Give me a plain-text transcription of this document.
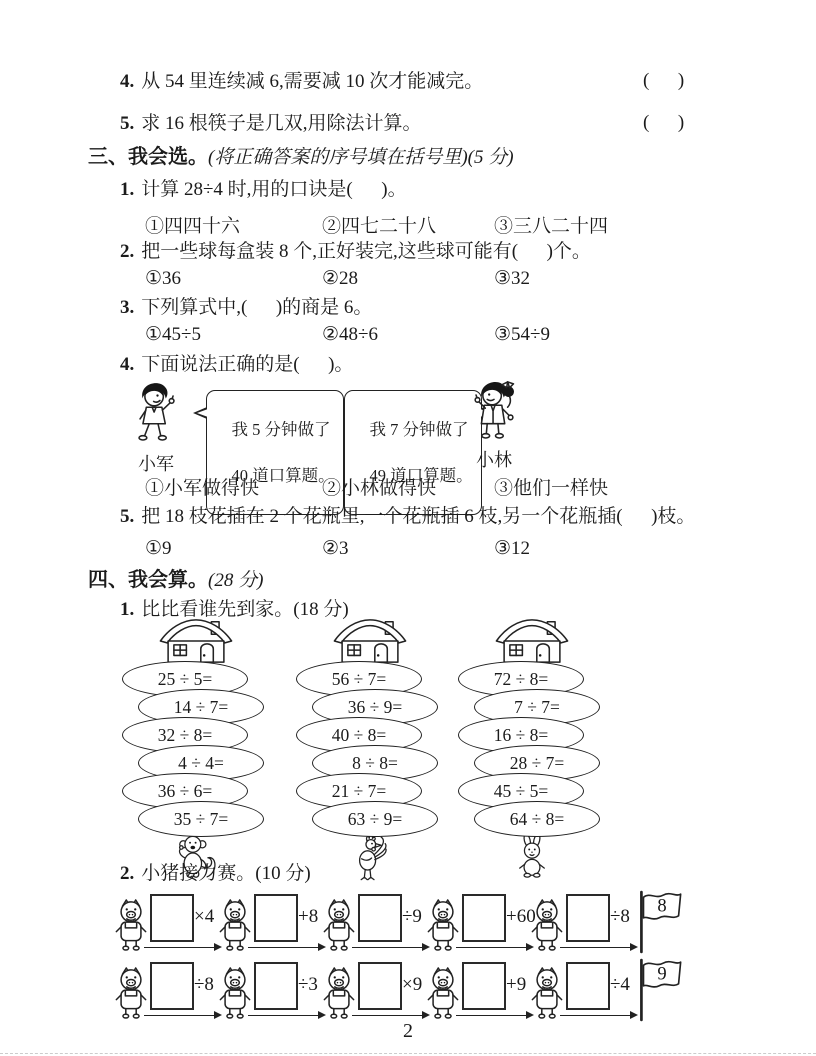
4. 从 54 里连续减 6,需要减 10 次才能减完。	(      )
5. 求 16 根筷子是几双,用除法计算。	(      )
三、我会选。(将正确答案的序号填在括号里)(5 分)
1. 计算 28÷4 时,用的口诀是(      )。
①四四十六	②四七二十八	③三八二十四
2. 把一些球每盒装 8 个,正好装完,这些球可能有(      )个。
①36	②28	③32
3. 下列算式中,(      )的商是 6。
①45÷5	②48÷6	③54÷9
4. 下面说法正确的是(      )。
小军

我 5 分钟做了

40 道口算题。

我 7 分钟做了

49 道口算题。

小林
①小军做得快	②小林做得快	③他们一样快
5. 把 18 枝花插在 2 个花瓶里,一个花瓶插 6 枝,另一个花瓶插(      )枝。
①9	②3	③12
四、我会算。(28 分)
1. 比比看谁先到家。(18 分)
25 ÷ 5=
14 ÷ 7=
32 ÷ 8=
4 ÷ 4=
36 ÷ 6=
35 ÷ 7=
56 ÷ 7=
36 ÷ 9=
40 ÷ 8=
8 ÷ 8=
21 ÷ 7=
63 ÷ 9=
72 ÷ 8=
7 ÷ 7=
16 ÷ 8=
28 ÷ 7=
45 ÷ 5=
64 ÷ 8=
2. 小猪接力赛。(10 分)
×4	+8	÷9	+60	÷8 8
÷8	÷3	×9	+9	÷4 9
2
